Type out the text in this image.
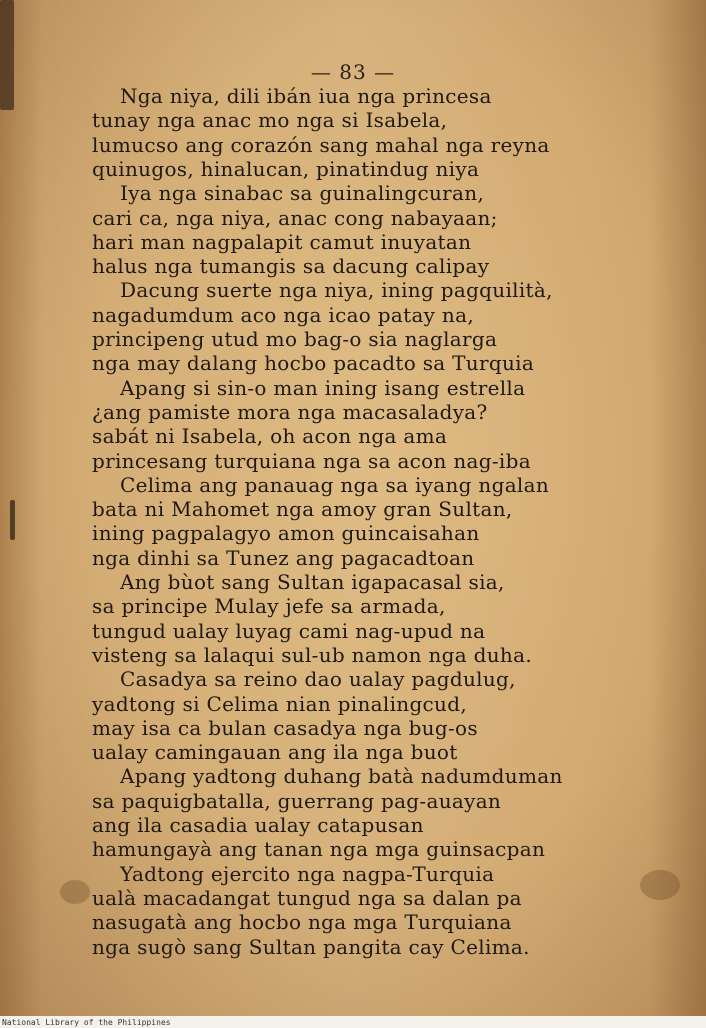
— 83 —
Nga niya, dili ibán iua nga princesa
tunay nga anac mo nga si Isabela,
lumucso ang corazón sang mahal nga reyna
quinugos, hinalucan, pinatindug niya
Iya nga sinabac sa guinalingcuran,
cari ca, nga niya, anac cong nabayaan;
hari man nagpalapit camut inuyatan
halus nga tumangis sa dacung calipay
Dacung suerte nga niya, ining pagquilità,
nagadumdum aco nga icao patay na,
principeng utud mo bag-o sia naglarga
nga may dalang hocbo pacadto sa Turquia
Apang si sin-o man ining isang estrella
¿ang pamiste mora nga macasaladya?
sabát ni Isabela, oh acon nga ama
princesang turquiana nga sa acon nag-iba
Celima ang panauag nga sa iyang ngalan
bata ni Mahomet nga amoy gran Sultan,
ining pagpalagyo amon guincaisahan
nga dinhi sa Tunez ang pagacadtoan
Ang bùot sang Sultan igapacasal sia,
sa principe Mulay jefe sa armada,
tungud ualay luyag cami nag-upud na
visteng sa lalaqui sul-ub namon nga duha.
Casadya sa reino dao ualay pagdulug,
yadtong si Celima nian pinalingcud,
may isa ca bulan casadya nga bug-os
ualay camingauan ang ila nga buot
Apang yadtong duhang batà nadumduman
sa paquigbatalla, guerrang pag-auayan
ang ila casadia ualay catapusan
hamungayà ang tanan nga mga guinsacpan
Yadtong ejercito nga nagpa-Turquia
ualà macadangat tungud nga sa dalan pa
nasugatà ang hocbo nga mga Turquiana
nga sugò sang Sultan pangita cay Celima.
National Library of the Philippines
